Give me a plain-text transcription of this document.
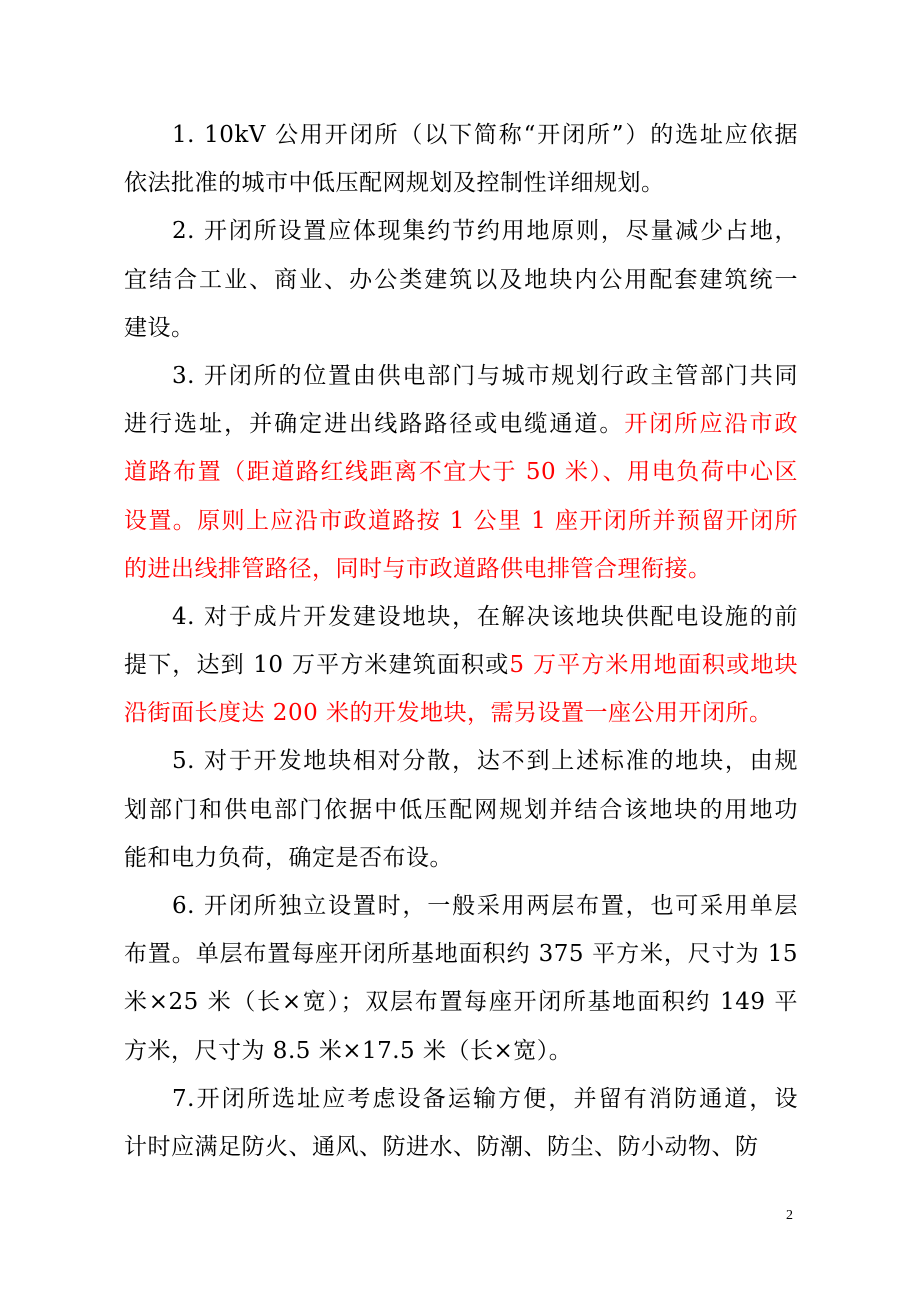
1. 10kV 公用开闭所（以下简称“开闭所”）的选址应依据
依法批准的城市中低压配网规划及控制性详细规划。
2. 开闭所设置应体现集约节约用地原则，尽量减少占地，
宜结合工业、商业、办公类建筑以及地块内公用配套建筑统一
建设。
3. 开闭所的位置由供电部门与城市规划行政主管部门共同
进行选址，并确定进出线路路径或电缆通道。开闭所应沿市政
道路布置（距道路红线距离不宜大于 50 米）、用电负荷中心区
设置。原则上应沿市政道路按 1 公里 1 座开闭所并预留开闭所
的进出线排管路径，同时与市政道路供电排管合理衔接。
4. 对于成片开发建设地块，在解决该地块供配电设施的前
提下，达到 10 万平方米建筑面积或5 万平方米用地面积或地块
沿街面长度达 200 米的开发地块，需另设置一座公用开闭所。
5. 对于开发地块相对分散，达不到上述标准的地块，由规
划部门和供电部门依据中低压配网规划并结合该地块的用地功
能和电力负荷，确定是否布设。
6. 开闭所独立设置时，一般采用两层布置，也可采用单层
布置。单层布置每座开闭所基地面积约 375 平方米，尺寸为 15
米×25 米（长×宽）；双层布置每座开闭所基地面积约 149 平
方米，尺寸为 8.5 米×17.5 米（长×宽）。
7.开闭所选址应考虑设备运输方便，并留有消防通道，设
计时应满足防火、通风、防进水、防潮、防尘、防小动物、防
2
